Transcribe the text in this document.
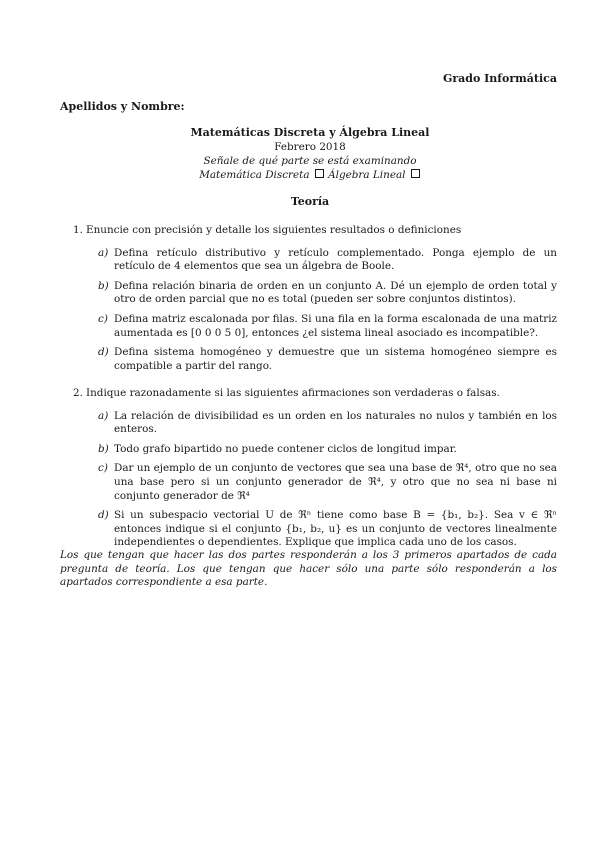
Grado Informática
Apellidos y Nombre:
Matemáticas Discreta y Álgebra Lineal
Febrero 2018
Señale de qué parte se está examinando
Matemática Discreta Álgebra Lineal
Teoría
1. Enuncie con precisión y detalle los siguientes resultados o definiciones
a) Defina retículo distributivo y retículo complementado. Ponga ejemplo de un retículo de 4 elementos que sea un álgebra de Boole.
b) Defina relación binaria de orden en un conjunto A. Dé un ejemplo de orden total y otro de orden parcial que no es total (pueden ser sobre conjuntos distintos).
c) Defina matriz escalonada por filas. Si una fila en la forma escalonada de una matriz aumentada es [0 0 0 5 0], entonces ¿el sistema lineal asociado es incompatible?.
d) Defina sistema homogéneo y demuestre que un sistema homogéneo siempre es compatible a partir del rango.
2. Indique razonadamente si las siguientes afirmaciones son verdaderas o falsas.
a) La relación de divisibilidad es un orden en los naturales no nulos y también en los enteros.
b) Todo grafo bipartido no puede contener ciclos de longitud impar.
c) Dar un ejemplo de un conjunto de vectores que sea una base de ℜ⁴, otro que no sea una base pero si un conjunto generador de ℜ⁴, y otro que no sea ni base ni conjunto generador de ℜ⁴
d) Si un subespacio vectorial U de ℜⁿ tiene como base B = {b₁, b₂}. Sea v ∈ ℜⁿ entonces indique si el conjunto {b₁, b₂, u} es un conjunto de vectores linealmente independientes o dependientes. Explique que implica cada uno de los casos.
Los que tengan que hacer las dos partes responderán a los 3 primeros apartados de cada pregunta de teoría. Los que tengan que hacer sólo una parte sólo responderán a los apartados correspondiente a esa parte.
